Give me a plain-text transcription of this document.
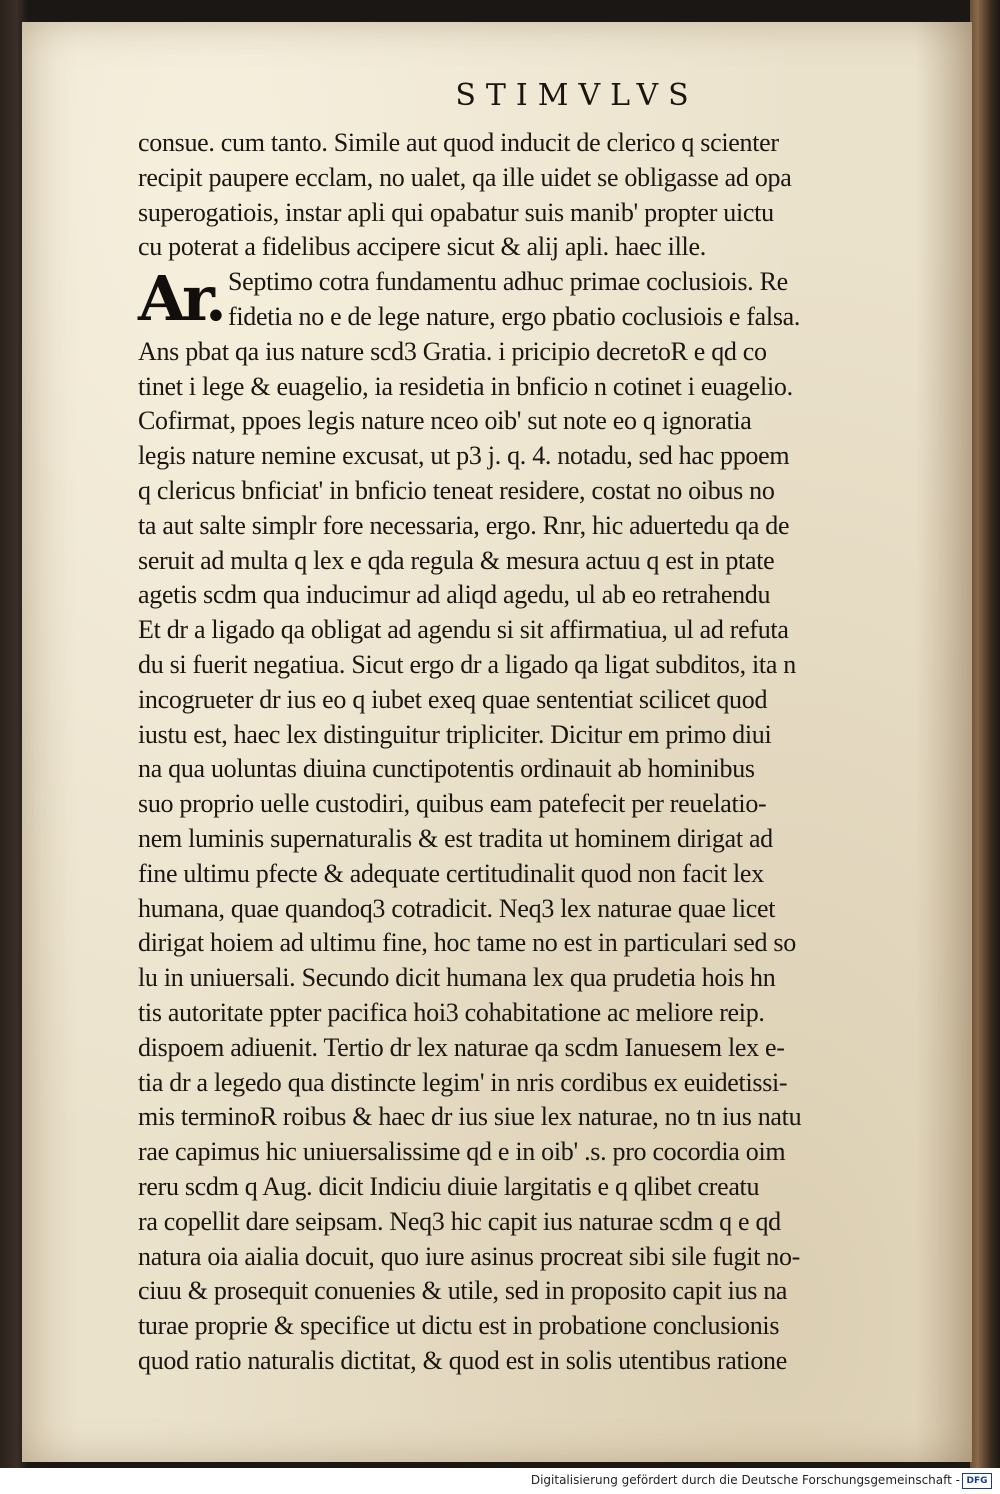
STIMVLVS
Ar.
consue. cum tanto. Simile aut quod inducit de clerico q scienter
recipit paupere ecclam, no ualet, qa ille uidet se obligasse ad opa
superogatiois, instar apli qui opabatur suis manib' propter uictu
cu poterat a fidelibus accipere sicut & alij apli. haec ille.
Septimo cotra fundamentu adhuc primae coclusiois. Re
fidetia no e de lege nature, ergo pbatio coclusiois e falsa.
Ans pbat qa ius nature scd3 Gratia. i pricipio decretoR e qd co
tinet i lege & euagelio, ia residetia in bnficio n cotinet i euagelio.
Cofirmat, ppoes legis nature nceo oib' sut note eo q ignoratia
legis nature nemine excusat, ut p3 j. q. 4. notadu, sed hac ppoem
q clericus bnficiat' in bnficio teneat residere, costat no oibus no
ta aut salte simplr fore necessaria, ergo. Rnr, hic aduertedu qa de
seruit ad multa q lex e qda regula & mesura actuu q est in ptate
agetis scdm qua inducimur ad aliqd agedu, ul ab eo retrahendu
Et dr a ligado qa obligat ad agendu si sit affirmatiua, ul ad refuta
du si fuerit negatiua. Sicut ergo dr a ligado qa ligat subditos, ita n
incogrueter dr ius eo q iubet exeq quae sententiat scilicet quod
iustu est, haec lex distinguitur tripliciter. Dicitur em primo diui
na qua uoluntas diuina cunctipotentis ordinauit ab hominibus
suo proprio uelle custodiri, quibus eam patefecit per reuelatio-
nem luminis supernaturalis & est tradita ut hominem dirigat ad
fine ultimu pfecte & adequate certitudinalit quod non facit lex
humana, quae quandoq3 cotradicit. Neq3 lex naturae quae licet
dirigat hoiem ad ultimu fine, hoc tame no est in particulari sed so
lu in uniuersali. Secundo dicit humana lex qua prudetia hois hn
tis autoritate ppter pacifica hoi3 cohabitatione ac meliore reip.
dispoem adiuenit. Tertio dr lex naturae qa scdm Ianuesem lex e-
tia dr a legedo qua distincte legim' in nris cordibus ex euidetissi-
mis terminoR roibus & haec dr ius siue lex naturae, no tn ius natu
rae capimus hic uniuersalissime qd e in oib' .s. pro cocordia oim
reru scdm q Aug. dicit Indiciu diuie largitatis e q qlibet creatu
ra copellit dare seipsam. Neq3 hic capit ius naturae scdm q e qd
natura oia aialia docuit, quo iure asinus procreat sibi sile fugit no-
ciuu & prosequit conuenies & utile, sed in proposito capit ius na
turae proprie & specifice ut dictu est in probatione conclusionis
quod ratio naturalis dictitat, & quod est in solis utentibus ratione
Digitalisierung gefördert durch die Deutsche Forschungsgemeinschaft - DFG
